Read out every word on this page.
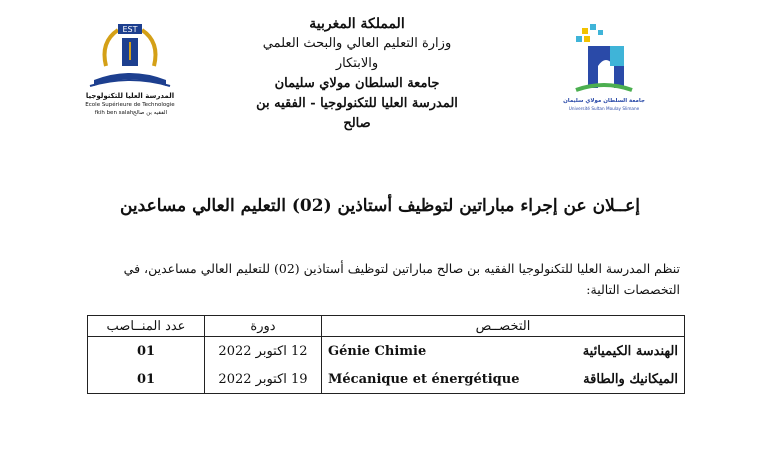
EST
المدرسة العليا للتكنولوجيا
Ecole Supérieure de Technologie
fkih ben salah الفقيه بن صالح
المملكة المغربية
وزارة التعليم العالي والبحث العلمي والابتكار
جامعة السلطان مولاي سليمان
المدرسة العليا للتكنولوجيا - الفقيه بن صالح
جامعة السلطان مولاي سليمان
Université Sultan Moulay Slimane
إعــلان عن إجراء مباراتين لتوظيف أستاذين (02) التعليم العالي مساعدين
تنظم المدرسة العليا للتكنولوجيا الفقيه بن صالح مباراتين لتوظيف أستاذين (02) للتعليم العالي مساعدين، في التخصصات التالية:
عدد المنــاصب	دورة	التخصــص
01	12 اكتوبر 2022	Génie Chimie الهندسة الكيميائية

01	19 اكتوبر 2022	Mécanique et énergétique الميكانيك والطاقة
